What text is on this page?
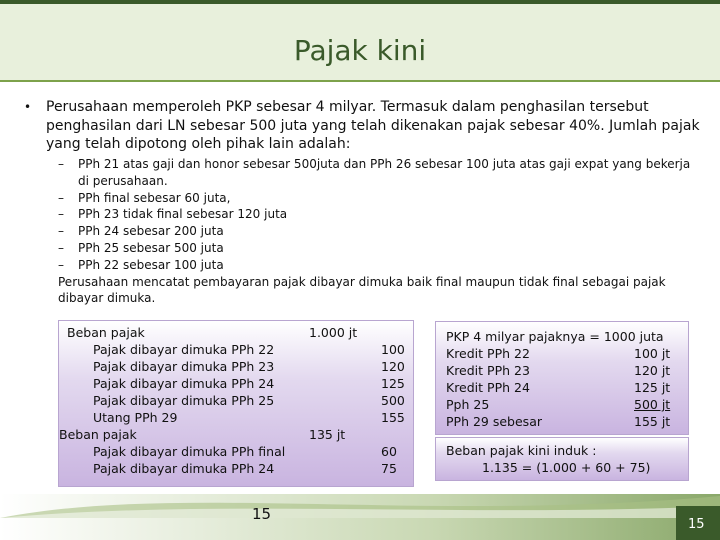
Pajak kini
• Perusahaan memperoleh PKP sebesar 4 milyar. Termasuk dalam penghasilan tersebut penghasilan dari LN sebesar 500 juta yang telah dikenakan pajak sebesar 40%. Jumlah pajak yang telah dipotong oleh pihak lain adalah:
– PPh 21 atas gaji dan honor sebesar 500juta dan PPh 26 sebesar 100 juta atas gaji expat yang bekerja di perusahaan.
– PPh final sebesar 60 juta,
– PPh 23 tidak final sebesar 120 juta
– PPh 24 sebesar 200 juta
– PPh 25 sebesar 500 juta
– PPh 22 sebesar 100 juta
Perusahaan mencatat pembayaran pajak dibayar dimuka baik final maupun tidak final sebagai pajak dibayar dimuka.
Beban pajak	1.000 jt
Pajak dibayar dimuka PPh 22	100
Pajak dibayar dimuka PPh 23	120
Pajak dibayar dimuka PPh 24	125
Pajak dibayar dimuka PPh 25	500
Utang PPh 29	155
Beban pajak	135 jt
Pajak dibayar dimuka PPh final	60
Pajak dibayar dimuka PPh 24	75
PKP 4 milyar pajaknya = 1000 juta
Kredit PPh 22	100 jt
Kredit PPh 23	120 jt
Kredit PPh 24	125 jt
Pph 25	500 jt
PPh 29 sebesar	155 jt
Beban pajak kini induk :
1.135 = (1.000 + 60 + 75)
15
15
